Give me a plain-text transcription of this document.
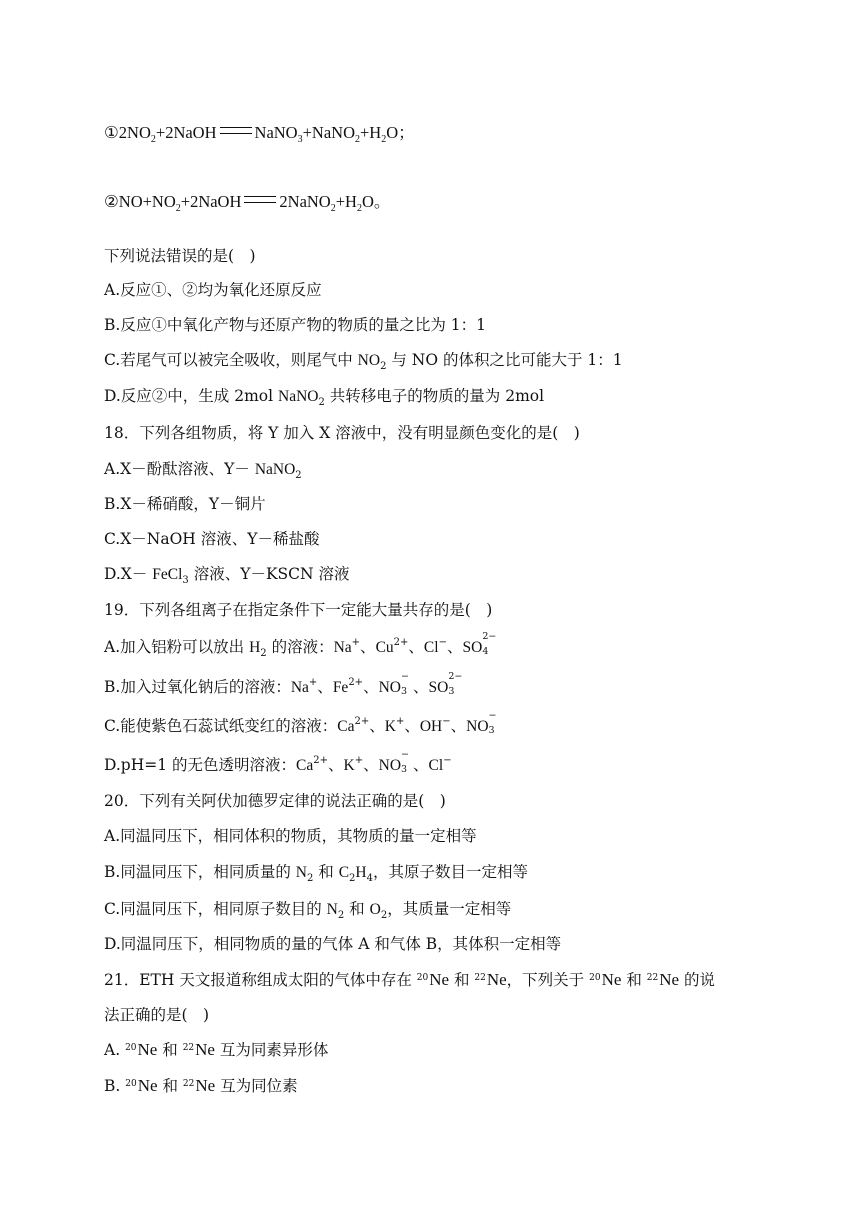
$①2NO_2+2NaOH$ $NaNO_3+NaNO_2+H_2O$；
$②NO+NO_2+2NaOH$ $2NaNO_2+H_2O$。
下列说法错误的是(　)
A.反应①、②均为氧化还原反应
B.反应①中氧化产物与还原产物的物质的量之比为 1：1
C.若尾气可以被完全吸收，则尾气中 $NO_2$ 与 NO 的体积之比可能大于 1：1
D.反应②中，生成 2mol NaNO$_2$ 共转移电子的物质的量为 2mol
18．下列各组物质，将 Y 加入 X 溶液中，没有明显颜色变化的是(　)
A.X－酚酞溶液、Y－ NaNO$_2$
B.X－稀硝酸，Y－铜片
C.X－NaOH 溶液、Y－稀盐酸
D.X－ FeCl$_3$ 溶液、Y－KSCN 溶液
19．下列各组离子在指定条件下一定能大量共存的是(　)
A.加入铝粉可以放出 $H_2$ 的溶液：Na+、$Cu^{2+}$、Cl−、SO
2−
4
B.加入过氧化钠后的溶液：Na+、$Fe^{2+}$、NO
−
3 、SO
2−
3
C.能使紫色石蕊试纸变红的溶液：$Ca^{2+}$、K+、OH−、NO
−
3
D.pH=1 的无色透明溶液：$Ca^{2+}$、K+、NO
−
3 、Cl−
20．下列有关阿伏加德罗定律的说法正确的是(　)
A.同温同压下，相同体积的物质，其物质的量一定相等
B.同温同压下，相同质量的 $N_2$ 和 $C_2H_4$，其原子数目一定相等
C.同温同压下，相同原子数目的 $N_2$ 和 $O_2$，其质量一定相等
D.同温同压下，相同物质的量的气体 A 和气体 B，其体积一定相等
21．ETH 天文报道称组成太阳的气体中存在 $^{20}$Ne 和 $^{22}$Ne，下列关于 $^{20}$Ne 和 $^{22}$Ne 的说
法正确的是(　)
A. $^{20}$Ne 和 $^{22}$Ne 互为同素异形体
B. $^{20}$Ne 和 $^{22}$Ne 互为同位素
